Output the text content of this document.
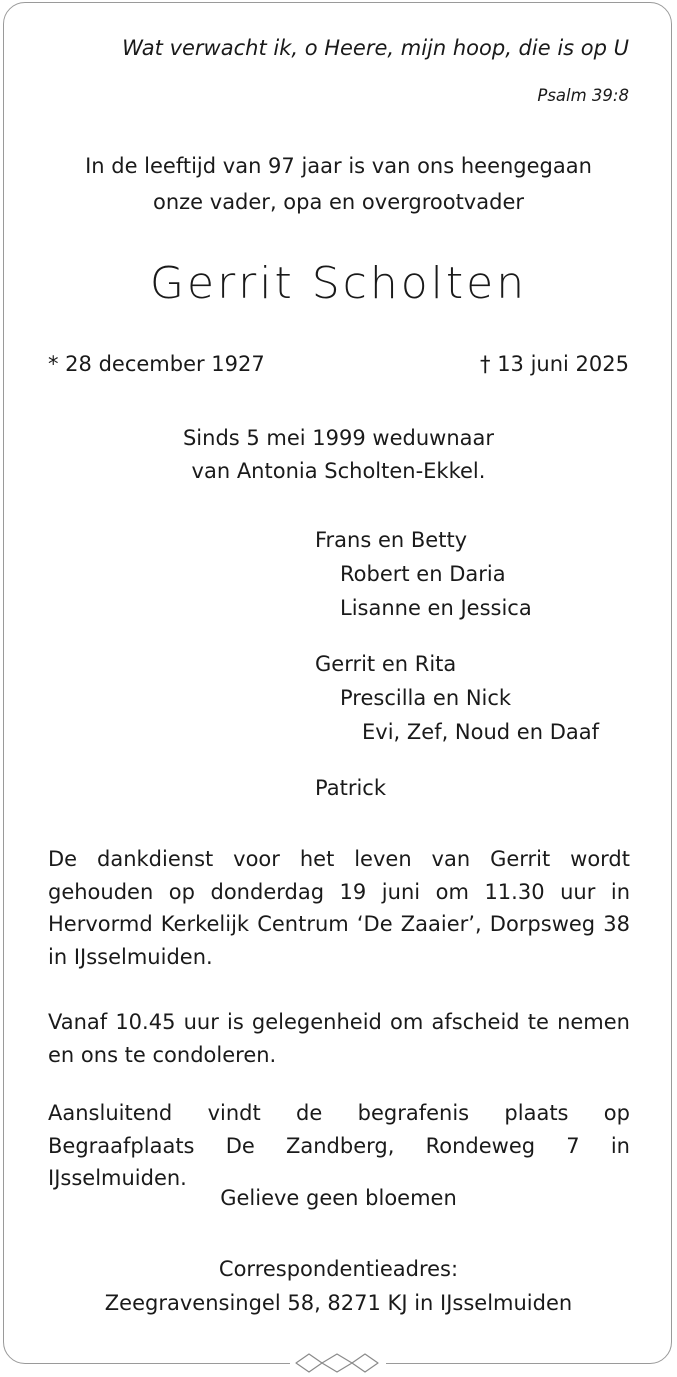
Wat verwacht ik, o Heere, mijn hoop, die is op U
Psalm 39:8
In de leeftijd van 97 jaar is van ons heengegaan
onze vader, opa en overgrootvader
Gerrit Scholten
* 28 december 1927	† 13 juni 2025
Sinds 5 mei 1999 weduwnaar
van Antonia Scholten-Ekkel.
Frans en Betty
Robert en Daria
Lisanne en Jessica
Gerrit en Rita
Prescilla en Nick
Evi, Zef, Noud en Daaf
Patrick
De dankdienst voor het leven van Gerrit wordt gehouden op donderdag 19 juni om 11.30 uur in Hervormd Kerkelijk Centrum ‘De Zaaier’, Dorpsweg 38 in IJsselmuiden.
Vanaf 10.45 uur is gelegenheid om afscheid te nemen en ons te condoleren.
Aansluitend vindt de begrafenis plaats op Begraafplaats De Zandberg, Rondeweg 7 in IJsselmuiden.
Gelieve geen bloemen
Correspondentieadres:
Zeegravensingel 58, 8271 KJ in IJsselmuiden
